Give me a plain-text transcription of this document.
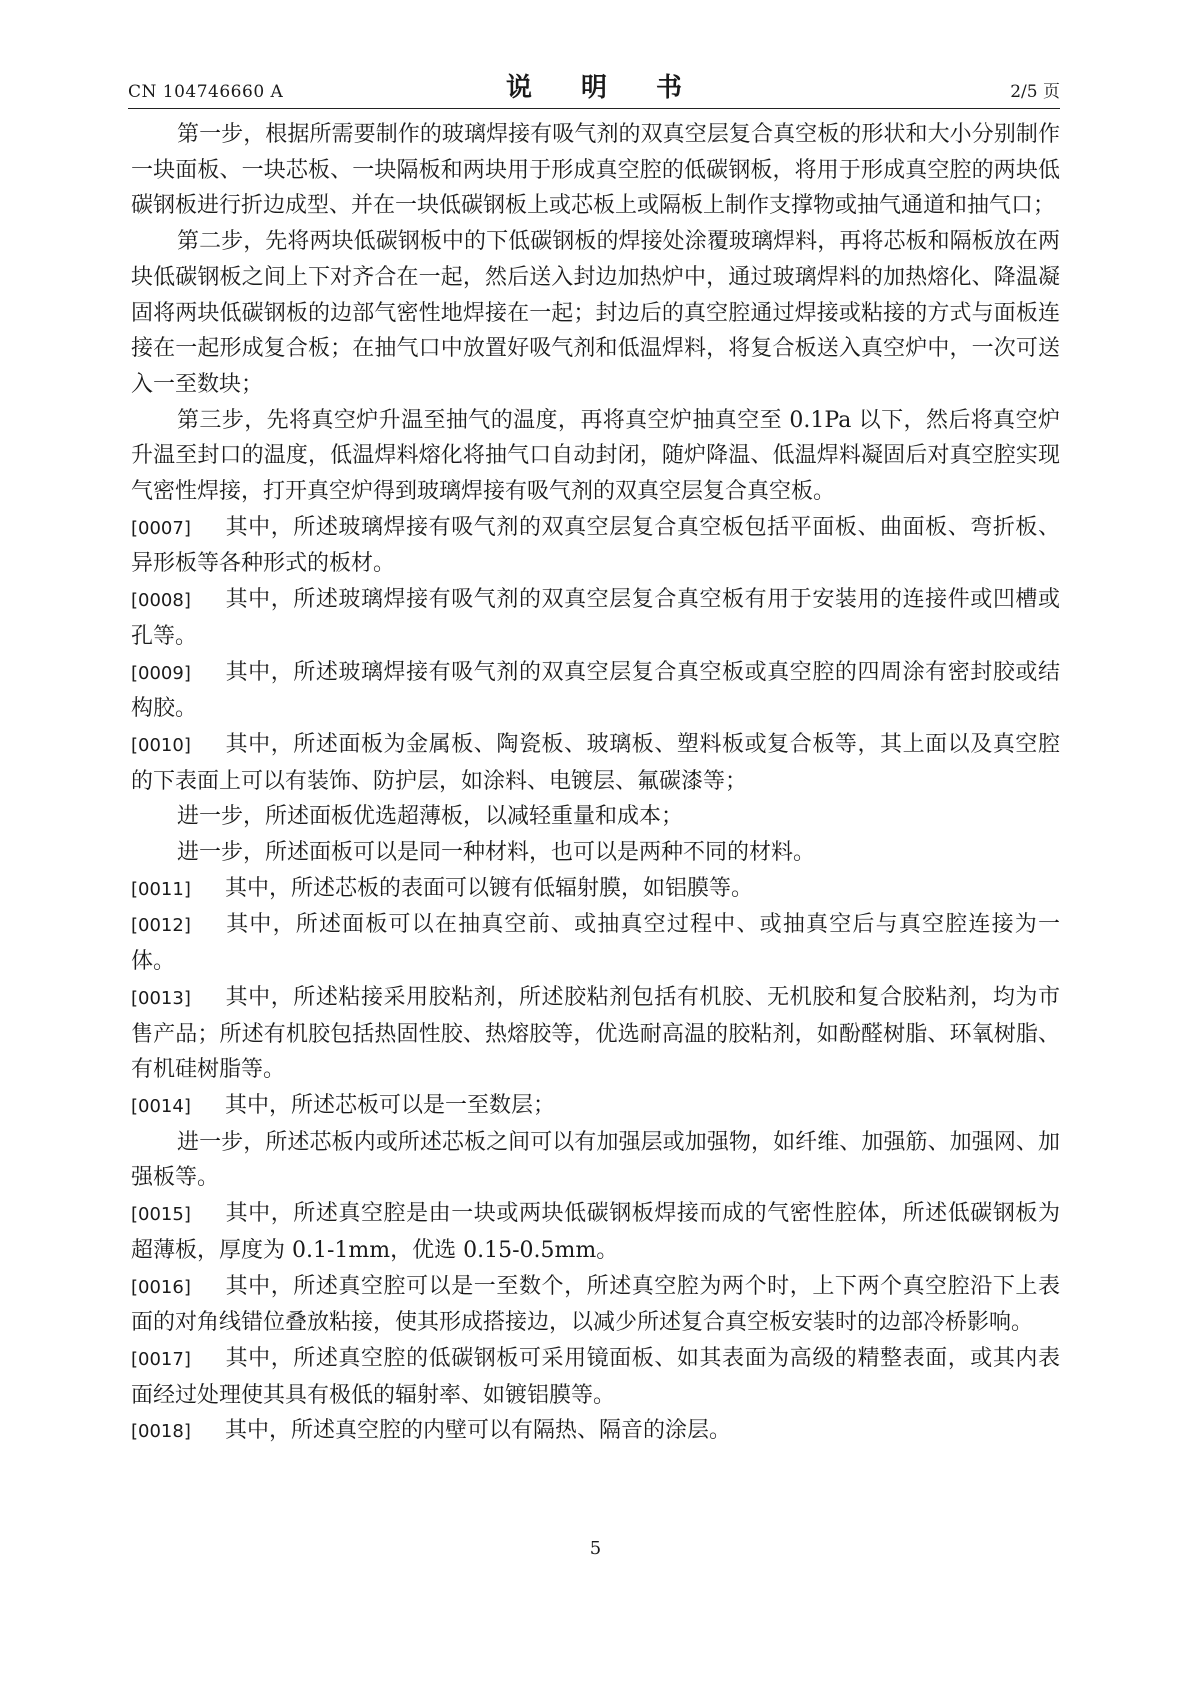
CN 104746660 A	说 明 书	2/5 页

第一步，根据所需要制作的玻璃焊接有吸气剂的双真空层复合真空板的形状和大小分别制作一块面板、一块芯板、一块隔板和两块用于形成真空腔的低碳钢板，将用于形成真空腔的两块低碳钢板进行折边成型、并在一块低碳钢板上或芯板上或隔板上制作支撑物或抽气通道和抽气口；

第二步，先将两块低碳钢板中的下低碳钢板的焊接处涂覆玻璃焊料，再将芯板和隔板放在两块低碳钢板之间上下对齐合在一起，然后送入封边加热炉中，通过玻璃焊料的加热熔化、降温凝固将两块低碳钢板的边部气密性地焊接在一起；封边后的真空腔通过焊接或粘接的方式与面板连接在一起形成复合板；在抽气口中放置好吸气剂和低温焊料，将复合板送入真空炉中，一次可送入一至数块；

第三步，先将真空炉升温至抽气的温度，再将真空炉抽真空至 0.1Pa 以下，然后将真空炉升温至封口的温度，低温焊料熔化将抽气口自动封闭，随炉降温、低温焊料凝固后对真空腔实现气密性焊接，打开真空炉得到玻璃焊接有吸气剂的双真空层复合真空板。

[0007] 其中，所述玻璃焊接有吸气剂的双真空层复合真空板包括平面板、曲面板、弯折板、异形板等各种形式的板材。

[0008] 其中，所述玻璃焊接有吸气剂的双真空层复合真空板有用于安装用的连接件或凹槽或孔等。

[0009] 其中，所述玻璃焊接有吸气剂的双真空层复合真空板或真空腔的四周涂有密封胶或结构胶。

[0010] 其中，所述面板为金属板、陶瓷板、玻璃板、塑料板或复合板等，其上面以及真空腔的下表面上可以有装饰、防护层，如涂料、电镀层、氟碳漆等；

进一步，所述面板优选超薄板，以减轻重量和成本；

进一步，所述面板可以是同一种材料，也可以是两种不同的材料。

[0011] 其中，所述芯板的表面可以镀有低辐射膜，如铝膜等。

[0012] 其中，所述面板可以在抽真空前、或抽真空过程中、或抽真空后与真空腔连接为一体。

[0013] 其中，所述粘接采用胶粘剂，所述胶粘剂包括有机胶、无机胶和复合胶粘剂，均为市售产品；所述有机胶包括热固性胶、热熔胶等，优选耐高温的胶粘剂，如酚醛树脂、环氧树脂、有机硅树脂等。

[0014] 其中，所述芯板可以是一至数层；

进一步，所述芯板内或所述芯板之间可以有加强层或加强物，如纤维、加强筋、加强网、加强板等。

[0015] 其中，所述真空腔是由一块或两块低碳钢板焊接而成的气密性腔体，所述低碳钢板为超薄板，厚度为 0.1-1mm，优选 0.15-0.5mm。

[0016] 其中，所述真空腔可以是一至数个，所述真空腔为两个时，上下两个真空腔沿下上表面的对角线错位叠放粘接，使其形成搭接边，以减少所述复合真空板安装时的边部冷桥影响。

[0017] 其中，所述真空腔的低碳钢板可采用镜面板、如其表面为高级的精整表面，或其内表面经过处理使其具有极低的辐射率、如镀铝膜等。

[0018] 其中，所述真空腔的内壁可以有隔热、隔音的涂层。

5
